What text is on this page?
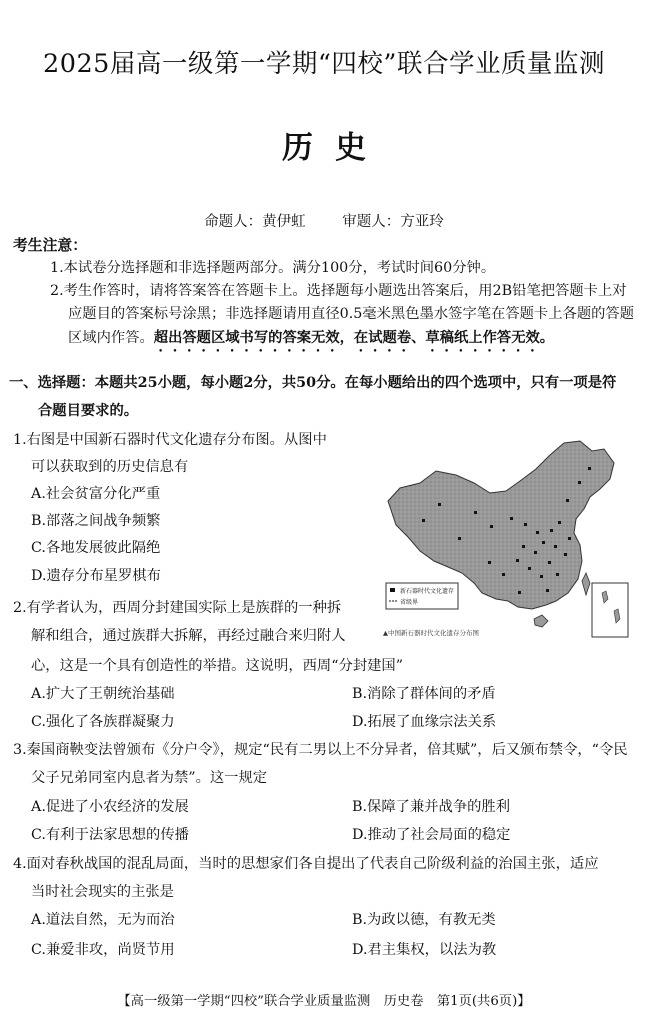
2025届高一级第一学期“四校”联合学业质量监测
历史
命题人：黄伊虹	审题人：方亚玲
考生注意：
1.本试卷分选择题和非选择题两部分。满分100分，考试时间60分钟。
2.考生作答时，请将答案答在答题卡上。选择题每小题选出答案后，用2B铅笔把答题卡上对
应题目的答案标号涂黑；非选择题请用直径0.5毫米黑色墨水签字笔在答题卡上各题的答题
区域内作答。超出答题区域书写的答案无效，在试题卷、草稿纸上作答无效。
一、选择题：本题共25小题，每小题2分，共50分。在每小题给出的四个选项中，只有一项是符
合题目要求的。
1.右图是中国新石器时代文化遗存分布图。从图中
可以获取到的历史信息有
A.社会贫富分化严重
B.部落之间战争频繁
C.各地发展彼此隔绝
D.遗存分布星罗棋布
新石器时代文化遗存
省级界
▲中国新石器时代文化遗存分布图
2.有学者认为，西周分封建国实际上是族群的一种拆
解和组合，通过族群大拆解，再经过融合来归附人
心，这是一个具有创造性的举措。这说明，西周“分封建国”
A.扩大了王朝统治基础	B.消除了群体间的矛盾
C.强化了各族群凝聚力	D.拓展了血缘宗法关系
3.秦国商鞅变法曾颁布《分户令》，规定“民有二男以上不分异者，倍其赋”，后又颁布禁令，“令民
父子兄弟同室内息者为禁”。这一规定
A.促进了小农经济的发展	B.保障了兼并战争的胜利
C.有利于法家思想的传播	D.推动了社会局面的稳定
4.面对春秋战国的混乱局面，当时的思想家们各自提出了代表自己阶级利益的治国主张，适应
当时社会现实的主张是
A.道法自然，无为而治	B.为政以德，有教无类
C.兼爱非攻，尚贤节用	D.君主集权，以法为教
【高一级第一学期“四校”联合学业质量监测　历史卷　第1页(共6页)】
